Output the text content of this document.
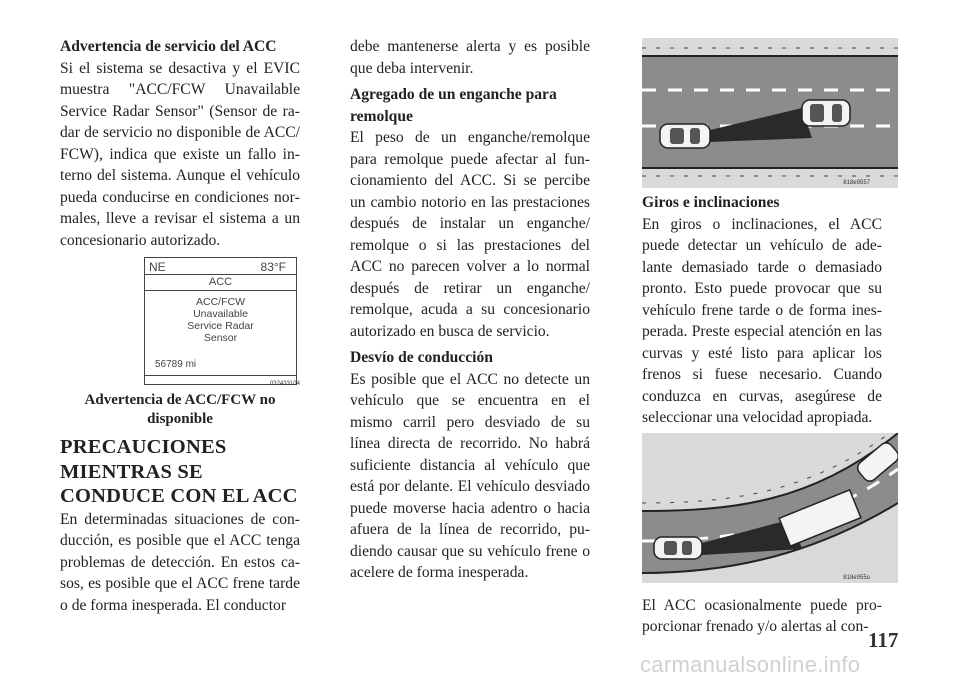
Advertencia de servicio del ACC

Si el sistema se desactiva y el EVIC muestra "ACC/FCW Unavailable Service Radar Sensor" (Sensor de radar de servicio no disponible de ACC/ FCW), indica que existe un fallo interno del sistema. Aunque el vehículo pueda conducirse en condiciones normales, lleve a revisar el sistema a un concesionario autorizado.

NE	83°F
ACC
ACC/FCW
Unavailable
Service Radar
Sensor
56789 mi
032433104

Advertencia de ACC/FCW no disponible

PRECAUCIONES MIENTRAS SE CONDUCE CON EL ACC

En determinadas situaciones de conducción, es posible que el ACC tenga problemas de detección. En estos casos, es posible que el ACC frene tarde o de forma inesperada. El conductor

debe mantenerse alerta y es posible que deba intervenir.

Agregado de un enganche para remolque

El peso de un enganche/remolque para remolque puede afectar al funcionamiento del ACC. Si se percibe un cambio notorio en las prestaciones después de instalar un enganche/ remolque o si las prestaciones del ACC no parecen volver a lo normal después de retirar un enganche/ remolque, acuda a su concesionario autorizado en busca de servicio.

Desvío de conducción

Es posible que el ACC no detecte un vehículo que se encuentra en el mismo carril pero desviado de su línea directa de recorrido. No habrá suficiente distancia al vehículo que está por delante. El vehículo desviado puede moverse hacia adentro o hacia afuera de la línea de recorrido, pudiendo causar que su vehículo frene o acelere de forma inesperada.

818e9557
Giros e inclinaciones

En giros o inclinaciones, el ACC puede detectar un vehículo de adelante demasiado tarde o demasiado pronto. Esto puede provocar que su vehículo frene tarde o de forma inesperada. Preste especial atención en las curvas y esté listo para aplicar los frenos si fuese necesario. Cuando conduzca en curvas, asegúrese de seleccionar una velocidad apropiada.

818e955o

El ACC ocasionalmente puede proporcionar frenado y/o alertas al con-

117
carmanualsonline.info
